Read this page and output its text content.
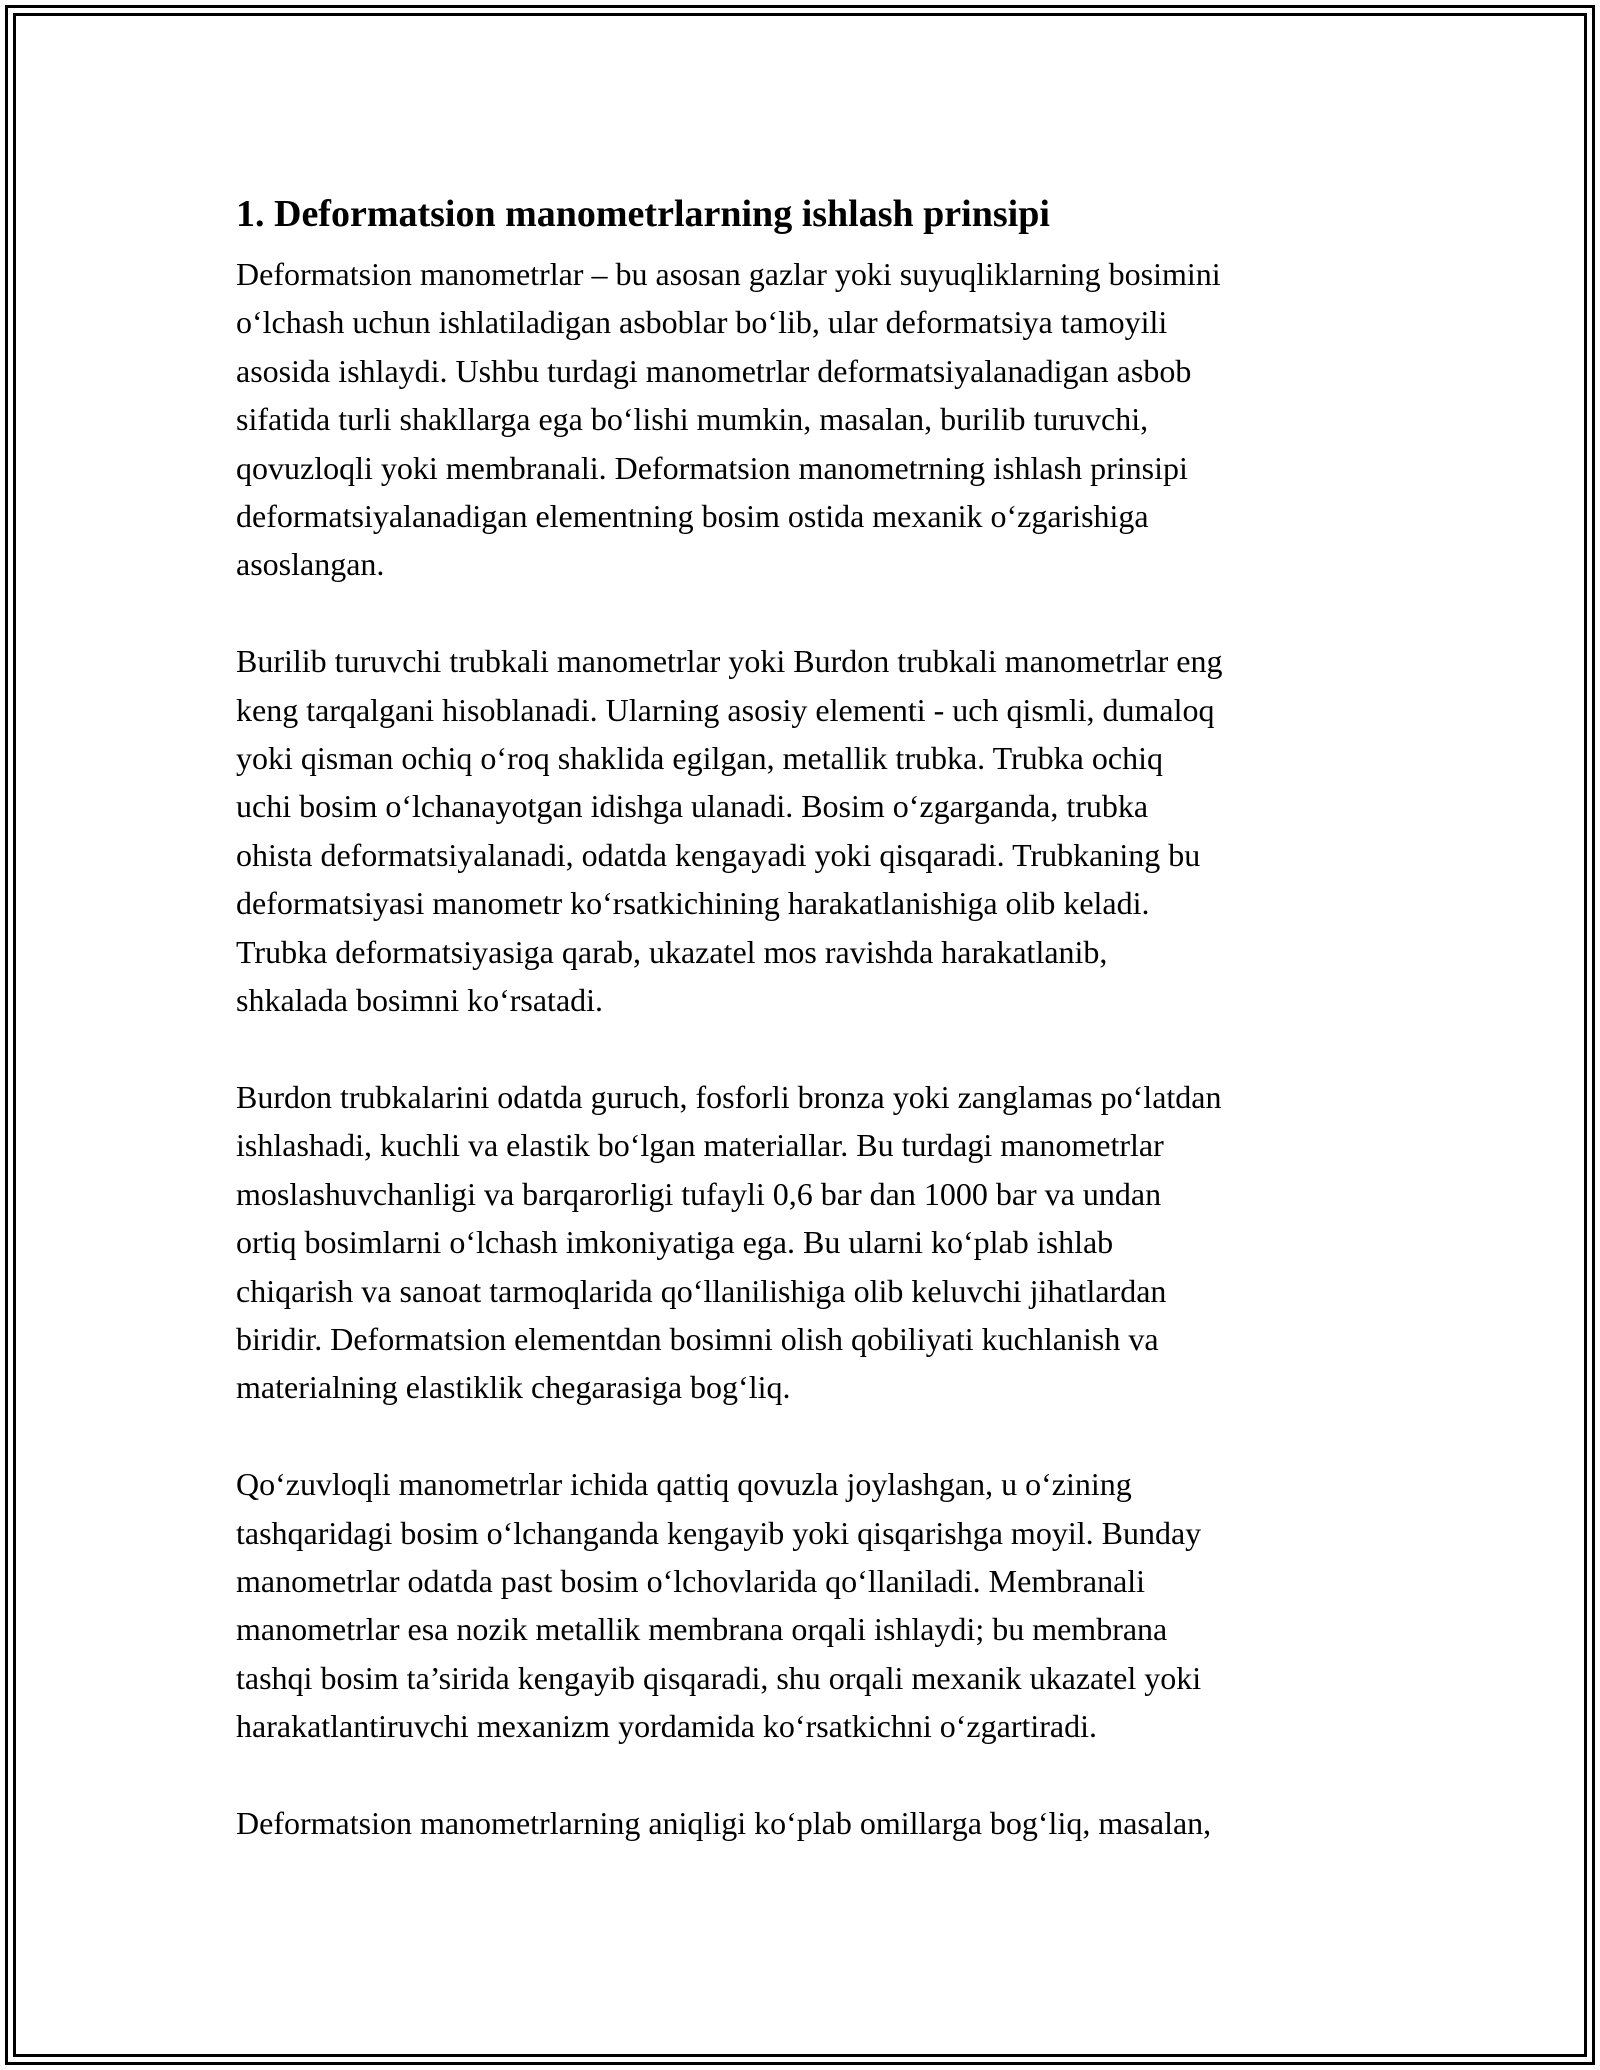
1. Deformatsion manometrlarning ishlash prinsipi
Deformatsion manometrlar – bu asosan gazlar yoki suyuqliklarning bosimini
o‘lchash uchun ishlatiladigan asboblar bo‘lib, ular deformatsiya tamoyili
asosida ishlaydi. Ushbu turdagi manometrlar deformatsiyalanadigan asbob
sifatida turli shakllarga ega bo‘lishi mumkin, masalan, burilib turuvchi,
qovuzloqli yoki membranali. Deformatsion manometrning ishlash prinsipi
deformatsiyalanadigan elementning bosim ostida mexanik o‘zgarishiga
asoslangan.
Burilib turuvchi trubkali manometrlar yoki Burdon trubkali manometrlar eng
keng tarqalgani hisoblanadi. Ularning asosiy elementi - uch qismli, dumaloq
yoki qisman ochiq o‘roq shaklida egilgan, metallik trubka. Trubka ochiq
uchi bosim o‘lchanayotgan idishga ulanadi. Bosim o‘zgarganda, trubka
ohista deformatsiyalanadi, odatda kengayadi yoki qisqaradi. Trubkaning bu
deformatsiyasi manometr ko‘rsatkichining harakatlanishiga olib keladi.
Trubka deformatsiyasiga qarab, ukazatel mos ravishda harakatlanib,
shkalada bosimni ko‘rsatadi.
Burdon trubkalarini odatda guruch, fosforli bronza yoki zanglamas po‘latdan
ishlashadi, kuchli va elastik bo‘lgan materiallar. Bu turdagi manometrlar
moslashuvchanligi va barqarorligi tufayli 0,6 bar dan 1000 bar va undan
ortiq bosimlarni o‘lchash imkoniyatiga ega. Bu ularni ko‘plab ishlab
chiqarish va sanoat tarmoqlarida qo‘llanilishiga olib keluvchi jihatlardan
biridir. Deformatsion elementdan bosimni olish qobiliyati kuchlanish va
materialning elastiklik chegarasiga bog‘liq.
Qo‘zuvloqli manometrlar ichida qattiq qovuzla joylashgan, u o‘zining
tashqaridagi bosim o‘lchanganda kengayib yoki qisqarishga moyil. Bunday
manometrlar odatda past bosim o‘lchovlarida qo‘llaniladi. Membranali
manometrlar esa nozik metallik membrana orqali ishlaydi; bu membrana
tashqi bosim ta’sirida kengayib qisqaradi, shu orqali mexanik ukazatel yoki
harakatlantiruvchi mexanizm yordamida ko‘rsatkichni o‘zgartiradi.
Deformatsion manometrlarning aniqligi ko‘plab omillarga bog‘liq, masalan,
